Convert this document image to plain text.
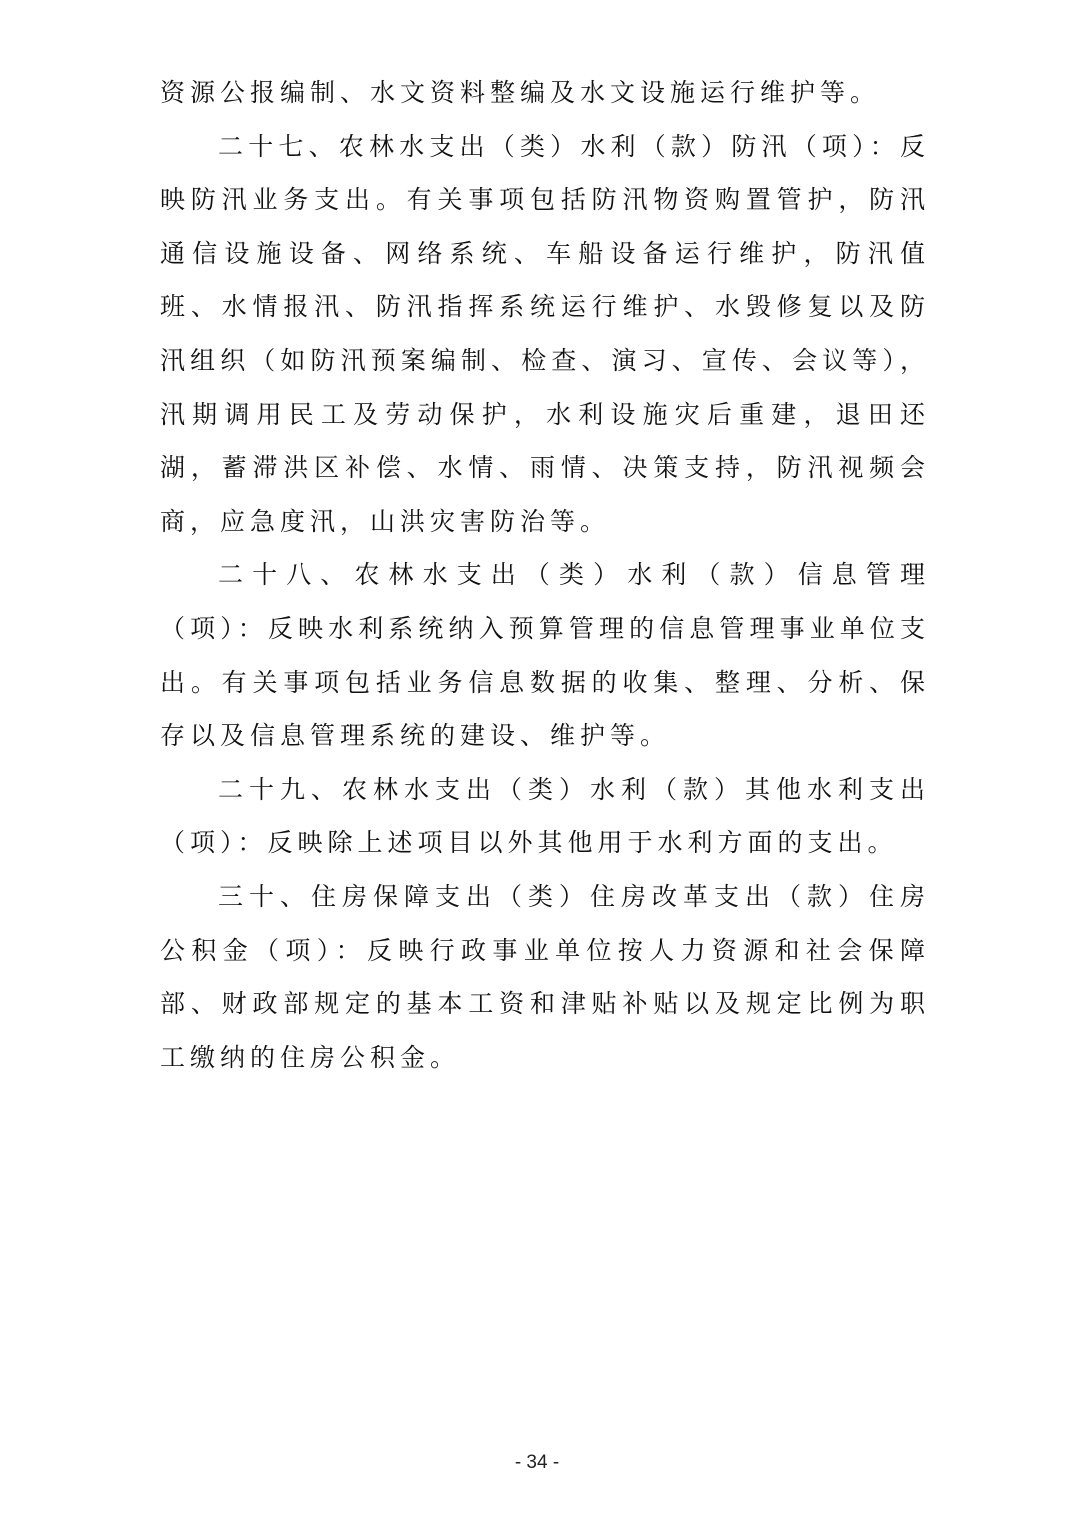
资源公报编制、水文资料整编及水文设施运行维护等。

二十七、农林水支出（类）水利（款）防汛（项）：反映防汛业务支出。有关事项包括防汛物资购置管护，防汛通信设施设备、网络系统、车船设备运行维护，防汛值班、水情报汛、防汛指挥系统运行维护、水毁修复以及防汛组织（如防汛预案编制、检查、演习、宣传、会议等），汛期调用民工及劳动保护，水利设施灾后重建，退田还湖，蓄滞洪区补偿、水情、雨情、决策支持，防汛视频会商，应急度汛，山洪灾害防治等。

二十八、农林水支出（类）水利（款）信息管理（项）：反映水利系统纳入预算管理的信息管理事业单位支出。有关事项包括业务信息数据的收集、整理、分析、保存以及信息管理系统的建设、维护等。

二十九、农林水支出（类）水利（款）其他水利支出（项）：反映除上述项目以外其他用于水利方面的支出。

三十、住房保障支出（类）住房改革支出（款）住房公积金（项）：反映行政事业单位按人力资源和社会保障部、财政部规定的基本工资和津贴补贴以及规定比例为职工缴纳的住房公积金。

- 34 -
